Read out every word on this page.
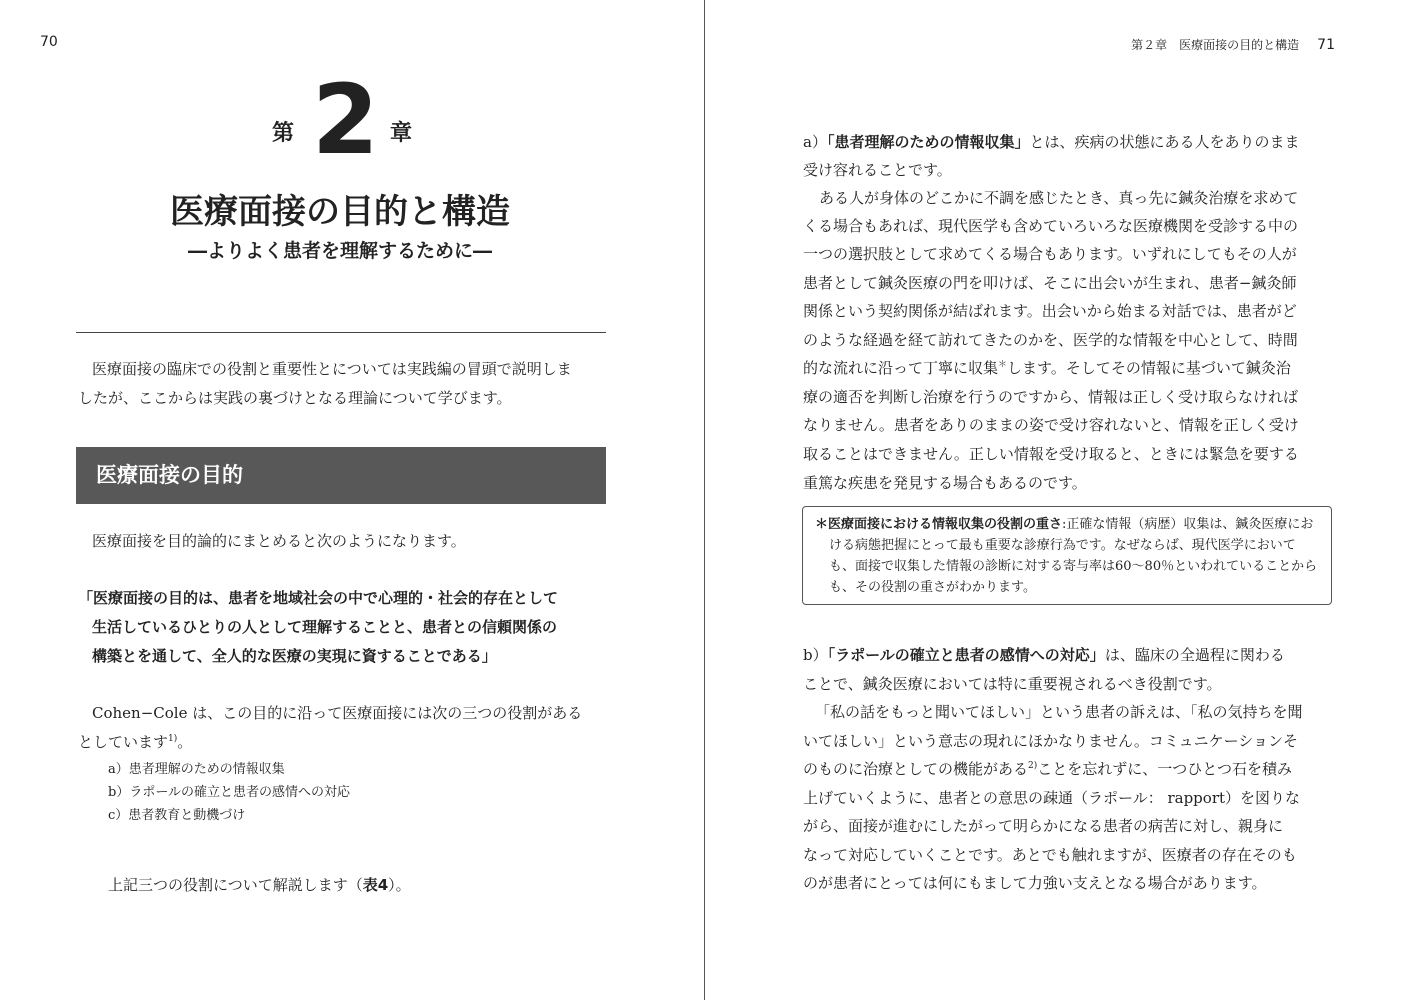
70
第 2 章
医療面接の目的と構造
―よりよく患者を理解するために―
医療面接の臨床での役割と重要性とについては実践編の冒頭で説明しま
したが、ここからは実践の裏づけとなる理論について学びます。
医療面接の目的
医療面接を目的論的にまとめると次のようになります。
「医療面接の目的は、患者を地域社会の中で心理的・社会的存在として
生活しているひとりの人として理解することと、患者との信頼関係の
構築とを通して、全人的な医療の実現に資することである」
Cohen−Cole は、この目的に沿って医療面接には次の三つの役割がある
としています$^{1)}$。
a）患者理解のための情報収集
b）ラポールの確立と患者の感情への対応
c）患者教育と動機づけ
上記三つの役割について解説します（表4）。
第２章　医療面接の目的と構造 71
a）「患者理解のための情報収集」とは、疾病の状態にある人をありのまま
受け容れることです。
ある人が身体のどこかに不調を感じたとき、真っ先に鍼灸治療を求めて
くる場合もあれば、現代医学も含めていろいろな医療機関を受診する中の
一つの選択肢として求めてくる場合もあります。いずれにしてもその人が
患者として鍼灸医療の門を叩けば、そこに出会いが生まれ、患者−鍼灸師
関係という契約関係が結ばれます。出会いから始まる対話では、患者がど
のような経過を経て訪れてきたのかを、医学的な情報を中心として、時間
的な流れに沿って丁寧に収集＊します。そしてその情報に基づいて鍼灸治
療の適否を判断し治療を行うのですから、情報は正しく受け取らなければ
なりません。患者をありのままの姿で受け容れないと、情報を正しく受け
取ることはできません。正しい情報を受け取ると、ときには緊急を要する
重篤な疾患を発見する場合もあるのです。
＊医療面接における情報収集の役割の重さ:正確な情報（病歴）収集は、鍼灸医療における病態把握にとって最も重要な診療行為です。なぜならば、現代医学においても、面接で収集した情報の診断に対する寄与率は60〜80％といわれていることからも、その役割の重さがわかります。
b）「ラポールの確立と患者の感情への対応」は、臨床の全過程に関わる
ことで、鍼灸医療においては特に重要視されるべき役割です。
「私の話をもっと聞いてほしい」という患者の訴えは、「私の気持ちを聞
いてほしい」という意志の現れにほかなりません。コミュニケーションそ
のものに治療としての機能がある$^{2)}$ことを忘れずに、一つひとつ石を積み
上げていくように、患者との意思の疎通（ラポール： rapport）を図りな
がら、面接が進むにしたがって明らかになる患者の病苦に対し、親身に
なって対応していくことです。あとでも触れますが、医療者の存在そのも
のが患者にとっては何にもまして力強い支えとなる場合があります。
